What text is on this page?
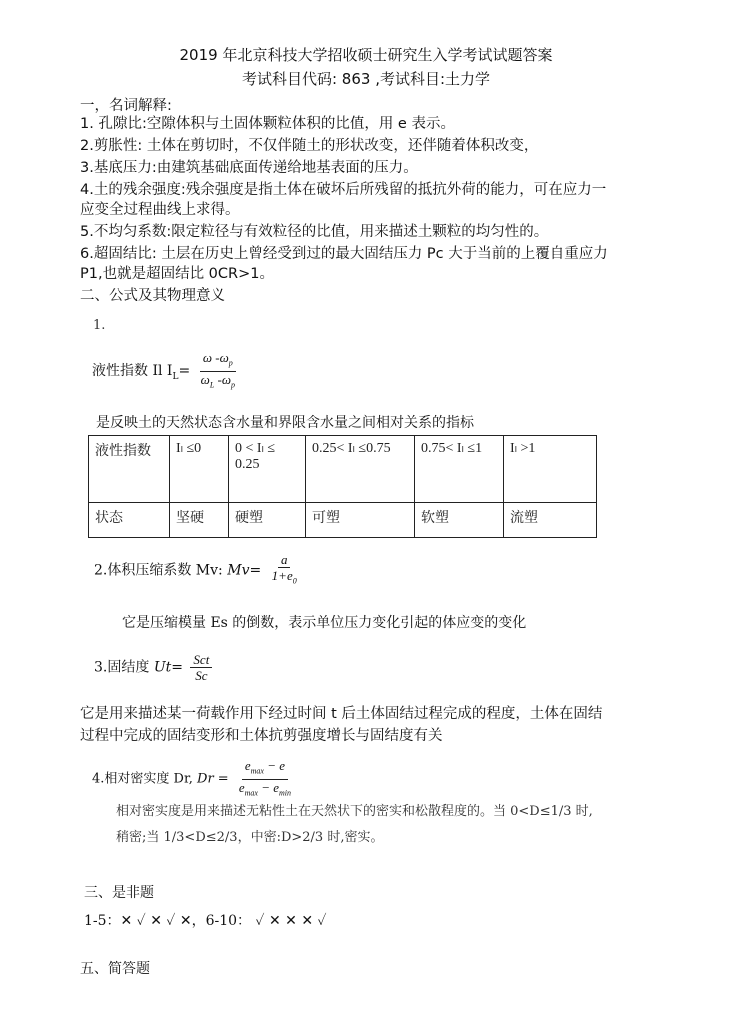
2019 年北京科技大学招收硕士研究生入学考试试题答案
考试科目代码: 863 ,考试科目:土力学
一，名词解释:
1. 孔隙比:空隙体积与土固体颗粒体积的比值，用 e 表示。
2.剪胀性: 土体在剪切时，不仅伴随土的形状改变，还伴随着体积改变，
3.基底压力:由建筑基础底面传递给地基表面的压力。
4.土的残余强度:残余强度是指土体在破坏后所残留的抵抗外荷的能力，可在应力一
应变全过程曲线上求得。
5.不均匀系数:限定粒径与有效粒径的比值，用来描述土颗粒的均匀性的。
6.超固结比: 土层在历史上曾经受到过的最大固结压力 Pc 大于当前的上覆自重应力
P1,也就是超固结比 0CR>1。
二、公式及其物理意义
1.
液性指数 Il $I_L= \frac{\omega -\omega_p}{\omega_L -\omega_p}$
是反映土的天然状态含水量和界限含水量之间相对关系的指标
液性指数	Iₗ ≤0	0 < Iₗ ≤ 0.25	0.25< Iₗ ≤0.75	0.75< Iₗ ≤1	Iₗ >1
状态	坚硬	硬塑	可塑	软塑	流塑
2.体积压缩系数 Mv: $Mv= \frac{a}{1+e_0}$
它是压缩模量 Es 的倒数，表示单位压力变化引起的体应变的变化
3.固结度 $Ut= \frac{\text{Sct}}{Sc}$
它是用来描述某一荷载作用下经过时间 t 后土体固结过程完成的程度，土体在固结
过程中完成的固结变形和土体抗剪强度增长与固结度有关
4.相对密实度 Dr, $Dr = \frac{e_{max} - e}{e_{max} - e_{min}}$
相对密实度是用来描述无粘性土在天然状下的密实和松散程度的。当 0<D≤1/3 时,
稍密;当 1/3<D≤2/3，中密:D>2/3 时,密实。
三、是非题
1-5：✕ ✓ ✕ ✓ ✕，6-10： ✓ ✕ ✕ ✕ ✓
五、简答题
